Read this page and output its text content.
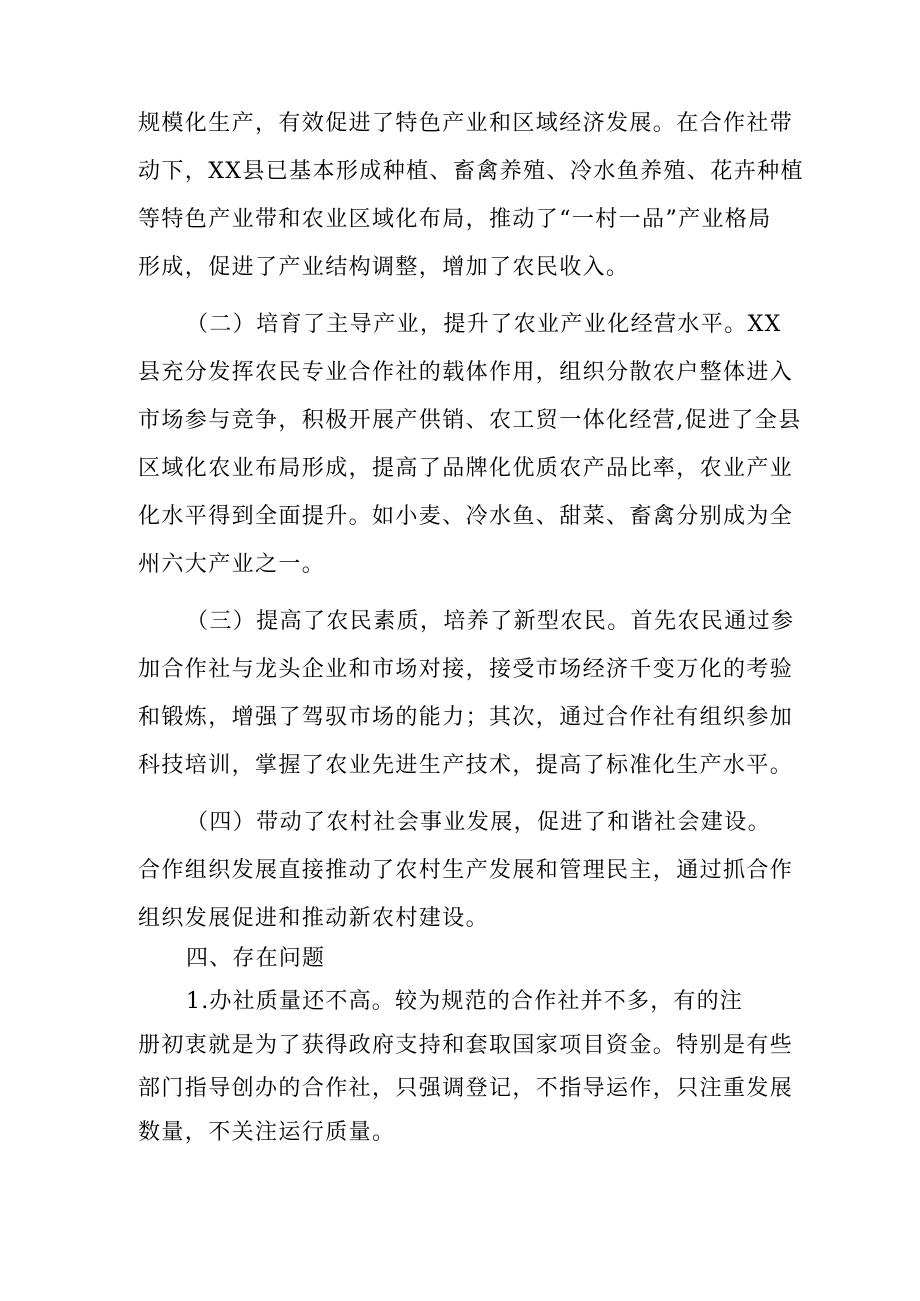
规模化生产，有效促进了特色产业和区域经济发展。在合作社带

动下，XX县已基本形成种植、畜禽养殖、冷水鱼养殖、花卉种植

等特色产业带和农业区域化布局，推动了“一村一品”产业格局

形成，促进了产业结构调整，增加了农民收入。

（二）培育了主导产业，提升了农业产业化经营水平。XX

县充分发挥农民专业合作社的载体作用，组织分散农户整体进入

市场参与竞争，积极开展产供销、农工贸一体化经营,促进了全县

区域化农业布局形成，提高了品牌化优质农产品比率，农业产业

化水平得到全面提升。如小麦、冷水鱼、甜菜、畜禽分别成为全

州六大产业之一。

（三）提高了农民素质，培养了新型农民。首先农民通过参

加合作社与龙头企业和市场对接，接受市场经济千变万化的考验

和锻炼，增强了驾驭市场的能力；其次，通过合作社有组织参加

科技培训，掌握了农业先进生产技术，提高了标准化生产水平。

（四）带动了农村社会事业发展，促进了和谐社会建设。

合作组织发展直接推动了农村生产发展和管理民主，通过抓合作

组织发展促进和推动新农村建设。

四、存在问题

1.办社质量还不高。较为规范的合作社并不多，有的注

册初衷就是为了获得政府支持和套取国家项目资金。特别是有些

部门指导创办的合作社，只强调登记，不指导运作，只注重发展

数量，不关注运行质量。
